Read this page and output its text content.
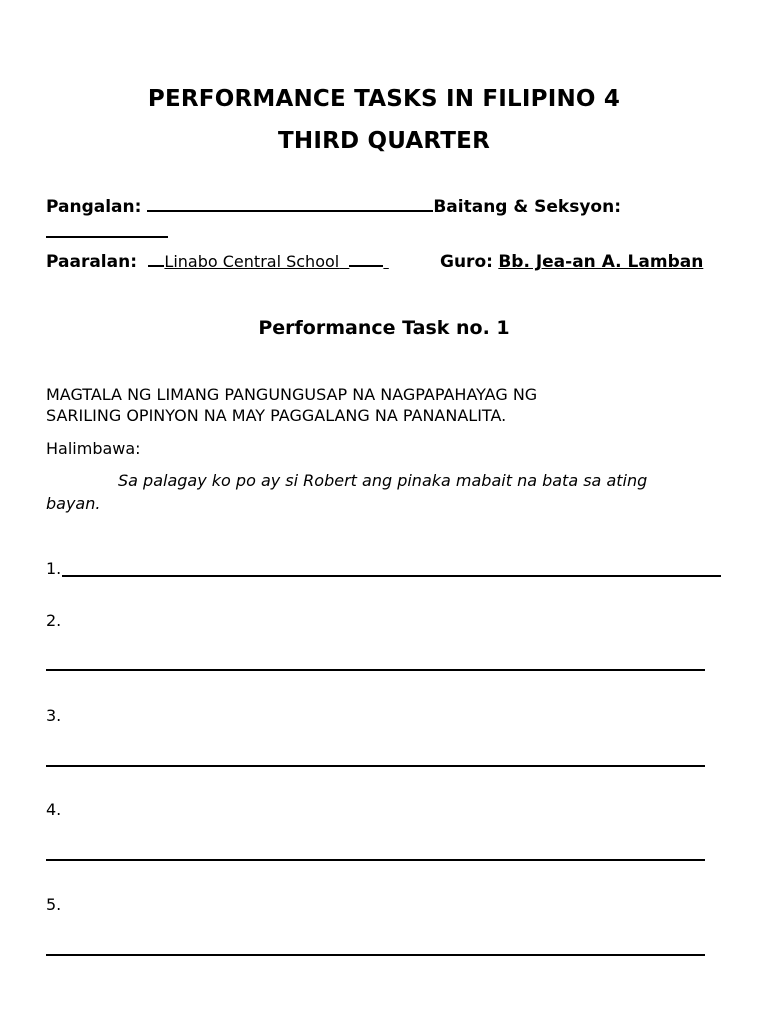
PERFORMANCE TASKS IN FILIPINO 4
THIRD QUARTER
Pangalan:	Baitang & Seksyon:
Paaralan: Linabo Central School	Guro: Bb. Jea-an A. Lamban
Performance Task no. 1
MAGTALA NG LIMANG PANGUNGUSAP NA NAGPAPAHAYAG NG
SARILING OPINYON NA MAY PAGGALANG NA PANANALITA.
Halimbawa:
Sa palagay ko po ay si Robert ang pinaka mabait na bata sa ating
bayan.
1.
2.
3.
4.
5.
